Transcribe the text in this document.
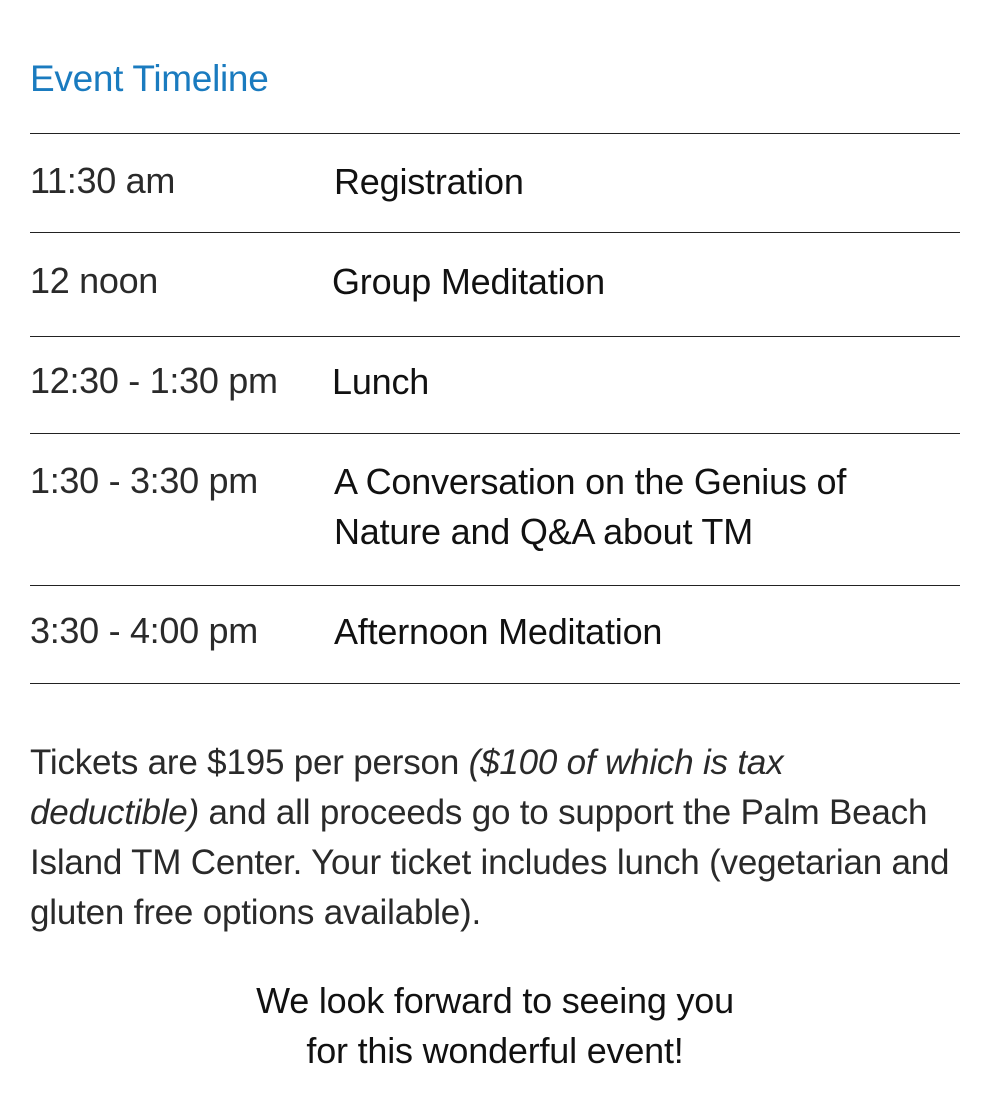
Event Timeline
11:30 am	Registration
12 noon	Group Meditation
12:30 - 1:30 pm Lunch
1:30 - 3:30 pm A Conversation on the Genius of
Nature and Q&A about TM
3:30 - 4:00 pm Afternoon Meditation
Tickets are $195 per person ($100 of which is tax deductible) and all proceeds go to support the Palm Beach Island TM Center. Your ticket includes lunch (vegetarian and gluten free options available).
We look forward to seeing you
for this wonderful event!
